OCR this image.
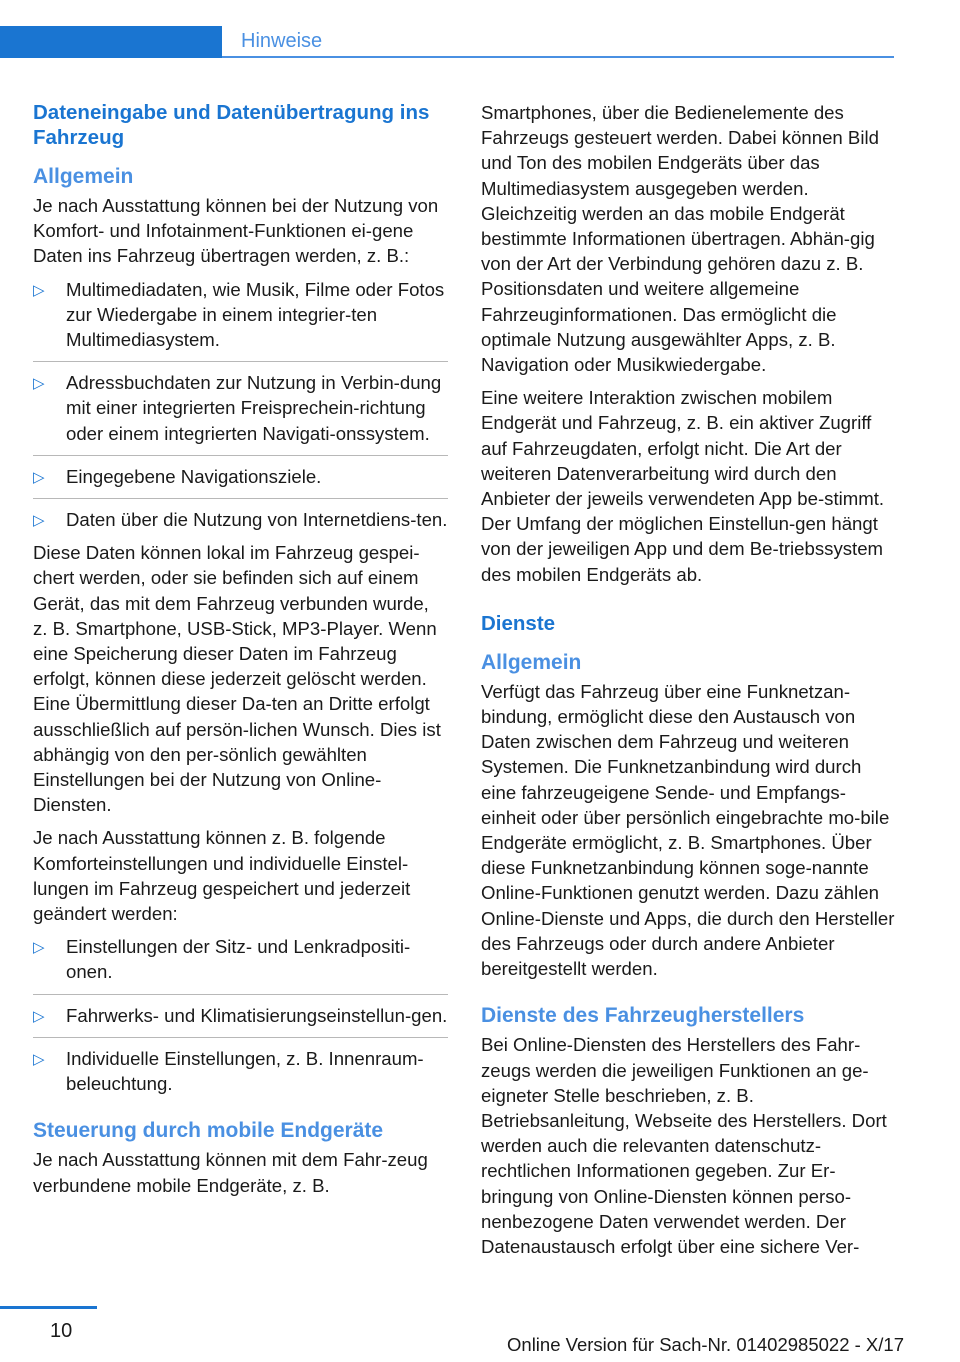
Hinweise
Dateneingabe und Datenübertragung ins Fahrzeug
Allgemein

Je nach Ausstattung können bei der Nutzung von Komfort- und Infotainment-Funktionen ei‐gene Daten ins Fahrzeug übertragen werden, z. B.:

▷ Multimediadaten, wie Musik, Filme oder Fotos zur Wiedergabe in einem integrier‐ten Multimediasystem.
▷ Adressbuchdaten zur Nutzung in Verbin‐dung mit einer integrierten Freisprechein‐richtung oder einem integrierten Navigati‐onssystem.
▷ Eingegebene Navigationsziele.
▷ Daten über die Nutzung von Internetdiens‐ten.

Diese Daten können lokal im Fahrzeug gespei‐chert werden, oder sie befinden sich auf einem Gerät, das mit dem Fahrzeug verbunden wurde, z. B. Smartphone, USB-Stick, MP3-Player. Wenn eine Speicherung dieser Daten im Fahrzeug erfolgt, können diese jederzeit gelöscht werden. Eine Übermittlung dieser Da‐ten an Dritte erfolgt ausschließlich auf persön‐lichen Wunsch. Dies ist abhängig von den per‐sönlich gewählten Einstellungen bei der Nutzung von Online-Diensten.

Je nach Ausstattung können z. B. folgende Komforteinstellungen und individuelle Einstel‐lungen im Fahrzeug gespeichert und jederzeit geändert werden:

▷ Einstellungen der Sitz- und Lenkradpositi‐onen.
▷ Fahrwerks- und Klimatisierungseinstellun‐gen.
▷ Individuelle Einstellungen, z. B. Innenraum‐beleuchtung.
Steuerung durch mobile Endgeräte

Je nach Ausstattung können mit dem Fahr‐zeug verbundene mobile Endgeräte, z. B.

Smartphones, über die Bedienelemente des Fahrzeugs gesteuert werden. Dabei können Bild und Ton des mobilen Endgeräts über das Multimediasystem ausgegeben werden. Gleichzeitig werden an das mobile Endgerät bestimmte Informationen übertragen. Abhän‐gig von der Art der Verbindung gehören dazu z. B. Positionsdaten und weitere allgemeine Fahrzeuginformationen. Das ermöglicht die optimale Nutzung ausgewählter Apps, z. B. Navigation oder Musikwiedergabe.

Eine weitere Interaktion zwischen mobilem Endgerät und Fahrzeug, z. B. ein aktiver Zugriff auf Fahrzeugdaten, erfolgt nicht. Die Art der weiteren Datenverarbeitung wird durch den Anbieter der jeweils verwendeten App be‐stimmt. Der Umfang der möglichen Einstellun‐gen hängt von der jeweiligen App und dem Be‐triebssystem des mobilen Endgeräts ab.

Dienste
Allgemein

Verfügt das Fahrzeug über eine Funknetzan‐bindung, ermöglicht diese den Austausch von Daten zwischen dem Fahrzeug und weiteren Systemen. Die Funknetzanbindung wird durch eine fahrzeugeigene Sende- und Empfangs‐einheit oder über persönlich eingebrachte mo‐bile Endgeräte ermöglicht, z. B. Smartphones. Über diese Funknetzanbindung können soge‐nannte Online-Funktionen genutzt werden. Dazu zählen Online-Dienste und Apps, die durch den Hersteller des Fahrzeugs oder durch andere Anbieter bereitgestellt werden.

Dienste des Fahrzeugherstellers

Bei Online-Diensten des Herstellers des Fahr‐zeugs werden die jeweiligen Funktionen an ge‐eigneter Stelle beschrieben, z. B. Betriebsanleitung, Webseite des Herstellers. Dort werden auch die relevanten datenschutz‐rechtlichen Informationen gegeben. Zur Er‐bringung von Online-Diensten können perso‐nenbezogene Daten verwendet werden. Der Datenaustausch erfolgt über eine sichere Ver‐

10
Online Version für Sach-Nr. 01402985022 - X/17
